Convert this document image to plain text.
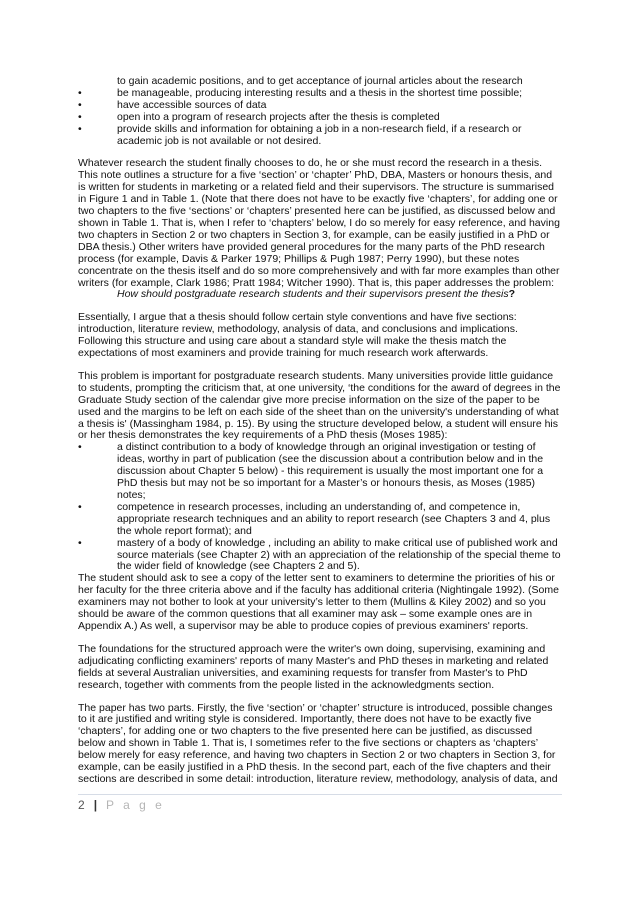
to gain academic positions, and to get acceptance of journal articles about the research

•	be manageable, producing interesting results and a thesis in the shortest time possible;
•	have accessible sources of data
•	open into a program of research projects after the thesis is completed
•	provide skills and information for obtaining a job in a non-research field, if a research or academic job is not available or not desired.

Whatever research the student finally chooses to do, he or she must record the research in a thesis. This note outlines a structure for a five ‘section’ or ‘chapter’ PhD, DBA, Masters or honours thesis, and is written for students in marketing or a related field and their supervisors. The structure is summarised in Figure 1 and in Table 1. (Note that there does not have to be exactly five ‘chapters’, for adding one or two chapters to the five ‘sections’ or ‘chapters’ presented here can be justified, as discussed below and shown in Table 1. That is, when I refer to ‘chapters’ below, I do so merely for easy reference, and having two chapters in Section 2 or two chapters in Section 3, for example, can be easily justified in a PhD or DBA thesis.) Other writers have provided general procedures for the many parts of the PhD research process (for example, Davis & Parker 1979; Phillips & Pugh 1987; Perry 1990), but these notes concentrate on the thesis itself and do so more comprehensively and with far more examples than other writers (for example, Clark 1986; Pratt 1984; Witcher 1990). That is, this paper addresses the problem:

How should postgraduate research students and their supervisors present the thesis?

Essentially, I argue that a thesis should follow certain style conventions and have five sections: introduction, literature review, methodology, analysis of data, and conclusions and implications. Following this structure and using care about a standard style will make the thesis match the expectations of most examiners and provide training for much research work afterwards.

This problem is important for postgraduate research students. Many universities provide little guidance to students, prompting the criticism that, at one university, ‘the conditions for the award of degrees in the Graduate Study section of the calendar give more precise information on the size of the paper to be used and the margins to be left on each side of the sheet than on the university's understanding of what a thesis is' (Massingham 1984, p. 15). By using the structure developed below, a student will ensure his or her thesis demonstrates the key requirements of a PhD thesis (Moses 1985):

•	a distinct contribution to a body of knowledge through an original investigation or testing of ideas, worthy in part of publication (see the discussion about a contribution below and in the discussion about Chapter 5 below) - this requirement is usually the most important one for a PhD thesis but may not be so important for a Master’s or honours thesis, as Moses (1985) notes;
•	competence in research processes, including an understanding of, and competence in, appropriate research techniques and an ability to report research (see Chapters 3 and 4, plus the whole report format); and
•	mastery of a body of knowledge , including an ability to make critical use of published work and source materials (see Chapter 2) with an appreciation of the relationship of the special theme to the wider field of knowledge (see Chapters 2 and 5).

The student should ask to see a copy of the letter sent to examiners to determine the priorities of his or her faculty for the three criteria above and if the faculty has additional criteria (Nightingale 1992). (Some examiners may not bother to look at your university’s letter to them (Mullins & Kiley 2002) and so you should be aware of the common questions that all examiner may ask – some example ones are in Appendix A.) As well, a supervisor may be able to produce copies of previous examiners' reports.

The foundations for the structured approach were the writer's own doing, supervising, examining and adjudicating conflicting examiners' reports of many Master's and PhD theses in marketing and related fields at several Australian universities, and examining requests for transfer from Master's to PhD research, together with comments from the people listed in the acknowledgments section.

The paper has two parts. Firstly, the five ‘section’ or ‘chapter’ structure is introduced, possible changes to it are justified and writing style is considered. Importantly, there does not have to be exactly five ‘chapters’, for adding one or two chapters to the five presented here can be justified, as discussed below and shown in Table 1. That is, I sometimes refer to the five sections or chapters as ‘chapters’ below merely for easy reference, and having two chapters in Section 2 or two chapters in Section 3, for example, can be easily justified in a PhD thesis. In the second part, each of the five chapters and their sections are described in some detail: introduction, literature review, methodology, analysis of data, and

2 | P a g e
